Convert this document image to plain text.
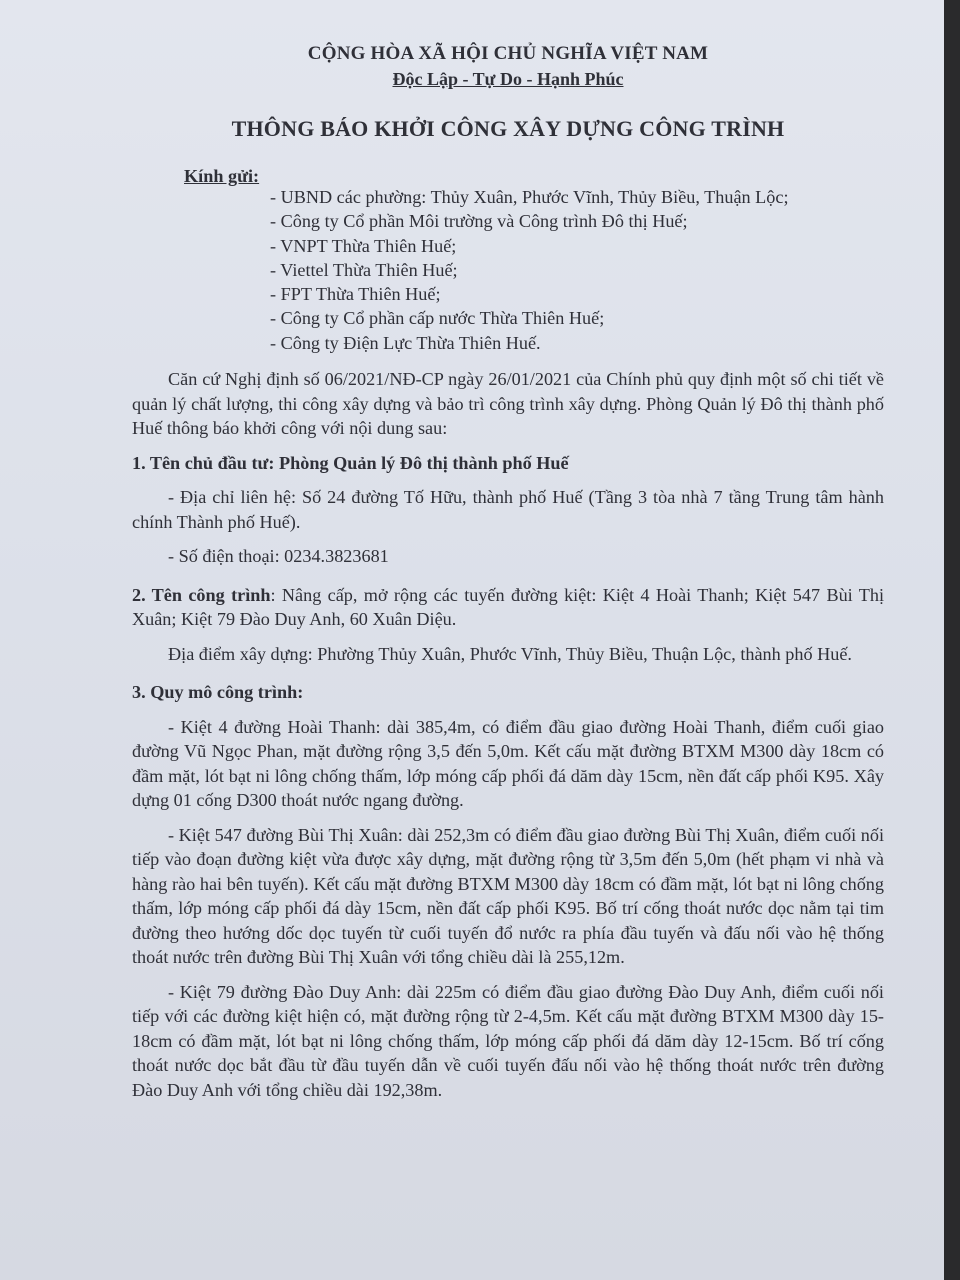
CỘNG HÒA XÃ HỘI CHỦ NGHĨA VIỆT NAM
Độc Lập - Tự Do - Hạnh Phúc
THÔNG BÁO KHỞI CÔNG XÂY DỰNG CÔNG TRÌNH
Kính gửi:
- UBND các phường: Thủy Xuân, Phước Vĩnh, Thủy Biều, Thuận Lộc;
- Công ty Cổ phần Môi trường và Công trình Đô thị Huế;
- VNPT Thừa Thiên Huế;
- Viettel Thừa Thiên Huế;
- FPT Thừa Thiên Huế;
- Công ty Cổ phần cấp nước Thừa Thiên Huế;
- Công ty Điện Lực Thừa Thiên Huế.

Căn cứ Nghị định số 06/2021/NĐ-CP ngày 26/01/2021 của Chính phủ quy định một số chi tiết về quản lý chất lượng, thi công xây dựng và bảo trì công trình xây dựng. Phòng Quản lý Đô thị thành phố Huế thông báo khởi công với nội dung sau:

1. Tên chủ đầu tư: Phòng Quản lý Đô thị thành phố Huế

- Địa chỉ liên hệ: Số 24 đường Tố Hữu, thành phố Huế (Tầng 3 tòa nhà 7 tầng Trung tâm hành chính Thành phố Huế).

- Số điện thoại: 0234.3823681

2. Tên công trình: Nâng cấp, mở rộng các tuyến đường kiệt: Kiệt 4 Hoài Thanh; Kiệt 547 Bùi Thị Xuân; Kiệt 79 Đào Duy Anh, 60 Xuân Diệu.

Địa điểm xây dựng: Phường Thủy Xuân, Phước Vĩnh, Thủy Biều, Thuận Lộc, thành phố Huế.

3. Quy mô công trình:

- Kiệt 4 đường Hoài Thanh: dài 385,4m, có điểm đầu giao đường Hoài Thanh, điểm cuối giao đường Vũ Ngọc Phan, mặt đường rộng 3,5 đến 5,0m. Kết cấu mặt đường BTXM M300 dày 18cm có đầm mặt, lót bạt ni lông chống thấm, lớp móng cấp phối đá dăm dày 15cm, nền đất cấp phối K95. Xây dựng 01 cống D300 thoát nước ngang đường.

- Kiệt 547 đường Bùi Thị Xuân: dài 252,3m có điểm đầu giao đường Bùi Thị Xuân, điểm cuối nối tiếp vào đoạn đường kiệt vừa được xây dựng, mặt đường rộng từ 3,5m đến 5,0m (hết phạm vi nhà và hàng rào hai bên tuyến). Kết cấu mặt đường BTXM M300 dày 18cm có đầm mặt, lót bạt ni lông chống thấm, lớp móng cấp phối đá dày 15cm, nền đất cấp phối K95. Bố trí cống thoát nước dọc nằm tại tim đường theo hướng dốc dọc tuyến từ cuối tuyến đổ nước ra phía đầu tuyến và đấu nối vào hệ thống thoát nước trên đường Bùi Thị Xuân với tổng chiều dài là 255,12m.

- Kiệt 79 đường Đào Duy Anh: dài 225m có điểm đầu giao đường Đào Duy Anh, điểm cuối nối tiếp với các đường kiệt hiện có, mặt đường rộng từ 2-4,5m. Kết cấu mặt đường BTXM M300 dày 15-18cm có đầm mặt, lót bạt ni lông chống thấm, lớp móng cấp phối đá dăm dày 12-15cm. Bố trí cống thoát nước dọc bắt đầu từ đầu tuyến dẫn về cuối tuyến đấu nối vào hệ thống thoát nước trên đường Đào Duy Anh với tổng chiều dài 192,38m.
